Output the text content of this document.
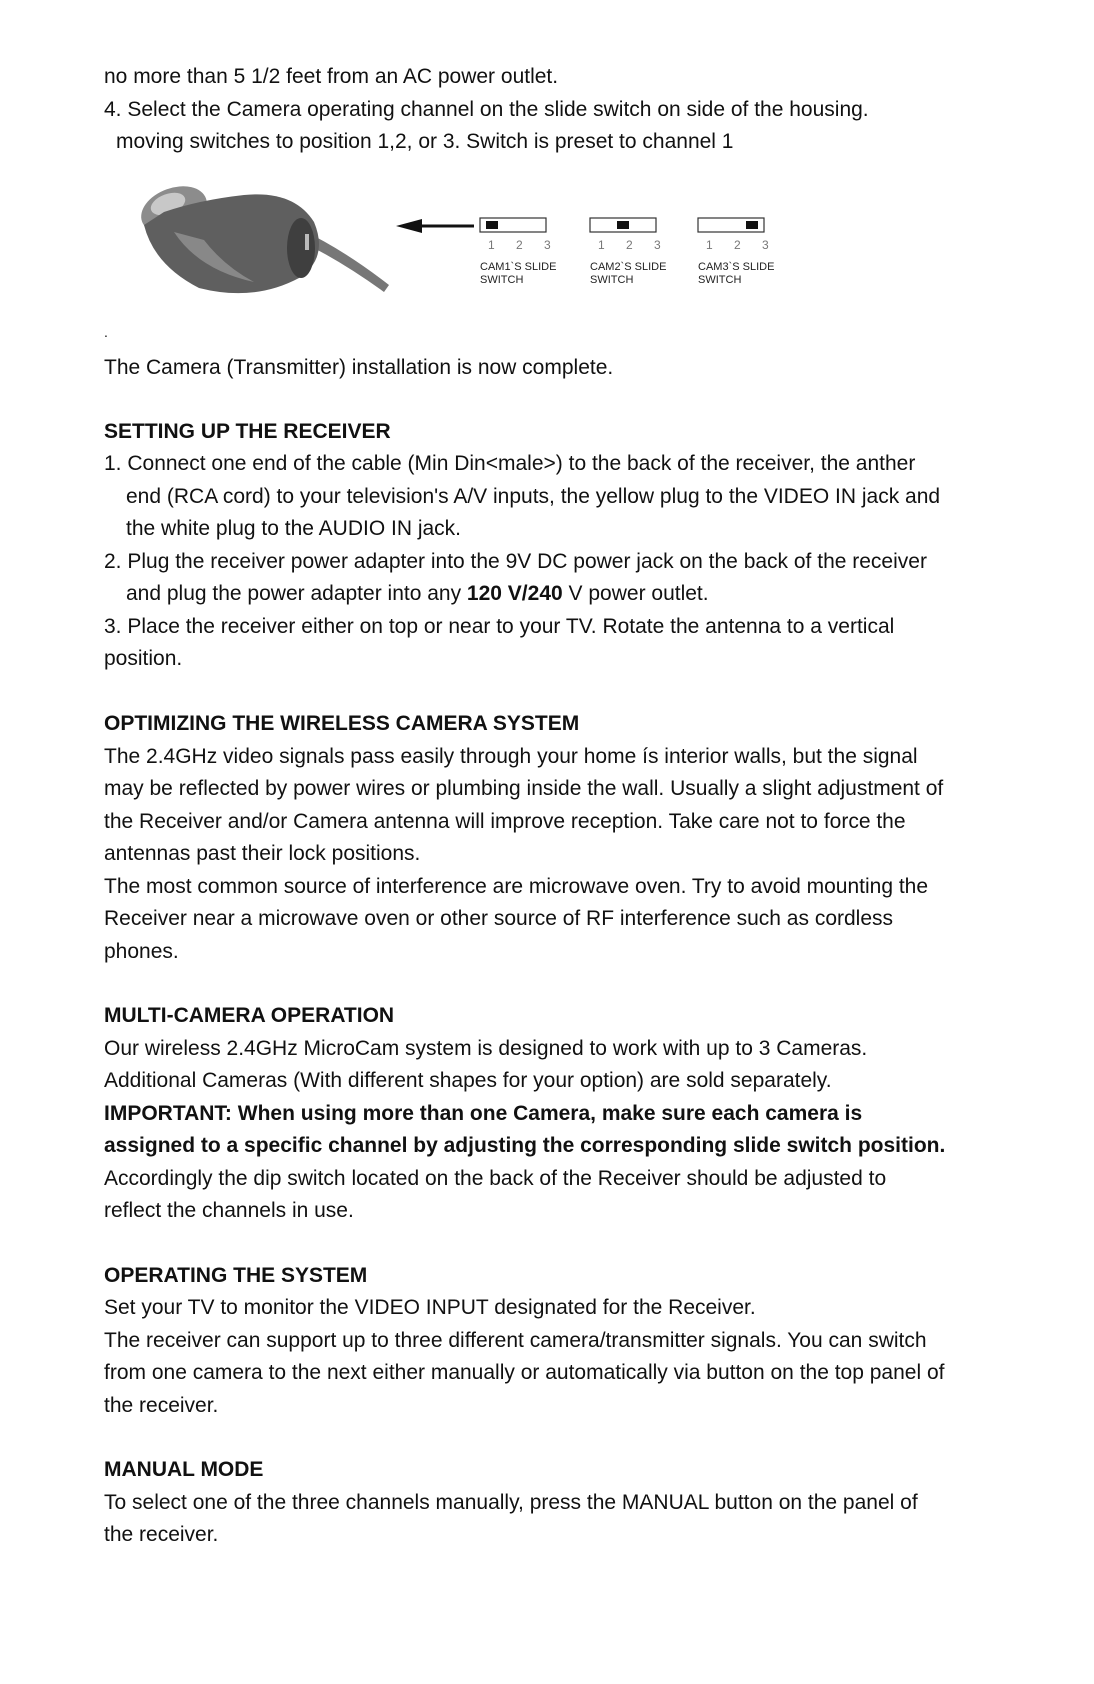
no more than 5 1/2 feet from an AC power outlet.
4. Select the Camera operating channel on the slide switch on side of the housing.
moving switches to position 1,2, or 3. Switch is preset to channel 1
1 2 3	1 2 3	1 2 3
CAM1`S SLIDE
SWITCH
CAM2`S SLIDE
SWITCH
CAM3`S SLIDE
SWITCH
.
The Camera (Transmitter) installation is now complete.
SETTING UP THE RECEIVER
1. Connect one end of the cable (Min Din<male>) to the back of the receiver, the anther
end (RCA cord) to your television's A/V inputs, the yellow plug to the VIDEO IN jack and
the white plug to the AUDIO IN jack.
2. Plug the receiver power adapter into the 9V DC power jack on the back of the receiver
and plug the power adapter into any 120 V/240 V power outlet.
3. Place the receiver either on top or near to your TV. Rotate the antenna to a vertical
position.
OPTIMIZING THE WIRELESS CAMERA SYSTEM
The 2.4GHz video signals pass easily through your home ís interior walls, but the signal
may be reflected by power wires or plumbing inside the wall. Usually a slight adjustment of
the Receiver and/or Camera antenna will improve reception. Take care not to force the
antennas past their lock positions.
The most common source of interference are microwave oven. Try to avoid mounting the
Receiver near a microwave oven or other source of RF interference such as cordless
phones.
MULTI-CAMERA OPERATION
Our wireless 2.4GHz MicroCam system is designed to work with up to 3 Cameras.
Additional Cameras (With different shapes for your option) are sold separately.
IMPORTANT: When using more than one Camera, make sure each camera is
assigned to a specific channel by adjusting the corresponding slide switch position.
Accordingly the dip switch located on the back of the Receiver should be adjusted to
reflect the channels in use.
OPERATING THE SYSTEM
Set your TV to monitor the VIDEO INPUT designated for the Receiver.
The receiver can support up to three different camera/transmitter signals. You can switch
from one camera to the next either manually or automatically via button on the top panel of
the receiver.
MANUAL MODE
To select one of the three channels manually, press the MANUAL button on the panel of
the receiver.
